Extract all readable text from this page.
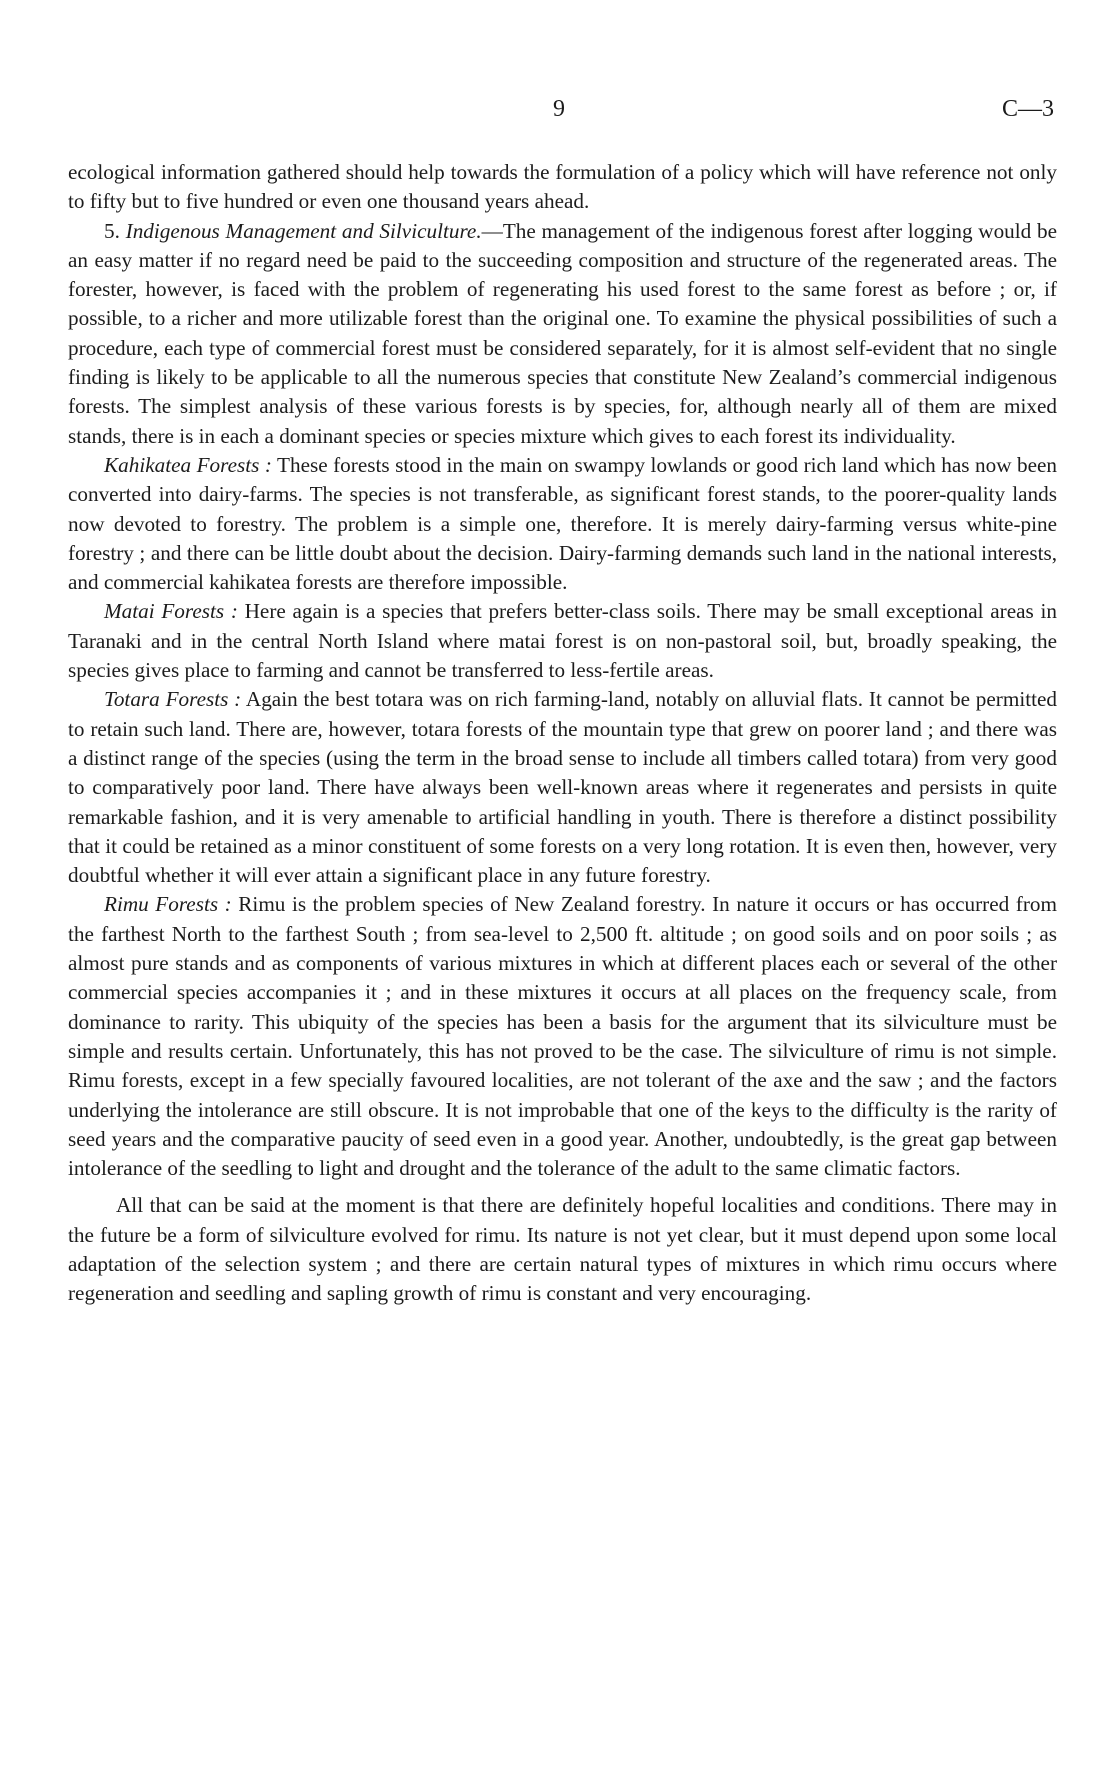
9	C—3

ecological information gathered should help towards the formulation of a policy which will have reference not only to fifty but to five hundred or even one thousand years ahead.

5. Indigenous Management and Silviculture.—The management of the indigenous forest after logging would be an easy matter if no regard need be paid to the succeeding composition and structure of the regenerated areas. The forester, however, is faced with the problem of regenerating his used forest to the same forest as before ; or, if possible, to a richer and more utilizable forest than the original one. To examine the physical possibilities of such a procedure, each type of commercial forest must be considered separately, for it is almost self-evident that no single finding is likely to be applicable to all the numerous species that constitute New Zealand’s commercial indigenous forests. The simplest analysis of these various forests is by species, for, although nearly all of them are mixed stands, there is in each a dominant species or species mixture which gives to each forest its individuality.

Kahikatea Forests : These forests stood in the main on swampy lowlands or good rich land which has now been converted into dairy-farms. The species is not transferable, as significant forest stands, to the poorer-quality lands now devoted to forestry. The problem is a simple one, therefore. It is merely dairy-farming versus white-pine forestry ; and there can be little doubt about the decision. Dairy-farming demands such land in the national interests, and commercial kahikatea forests are therefore impossible.

Matai Forests : Here again is a species that prefers better-class soils. There may be small exceptional areas in Taranaki and in the central North Island where matai forest is on non-pastoral soil, but, broadly speaking, the species gives place to farming and cannot be transferred to less-fertile areas.

Totara Forests : Again the best totara was on rich farming-land, notably on alluvial flats. It cannot be permitted to retain such land. There are, however, totara forests of the mountain type that grew on poorer land ; and there was a distinct range of the species (using the term in the broad sense to include all timbers called totara) from very good to comparatively poor land. There have always been well-known areas where it regenerates and persists in quite remarkable fashion, and it is very amenable to artificial handling in youth. There is therefore a distinct possibility that it could be retained as a minor constituent of some forests on a very long rotation. It is even then, however, very doubtful whether it will ever attain a significant place in any future forestry.

Rimu Forests : Rimu is the problem species of New Zealand forestry. In nature it occurs or has occurred from the farthest North to the farthest South ; from sea-level to 2,500 ft. altitude ; on good soils and on poor soils ; as almost pure stands and as components of various mixtures in which at different places each or several of the other commercial species accompanies it ; and in these mixtures it occurs at all places on the frequency scale, from dominance to rarity. This ubiquity of the species has been a basis for the argument that its silviculture must be simple and results certain. Unfortunately, this has not proved to be the case. The silviculture of rimu is not simple. Rimu forests, except in a few specially favoured localities, are not tolerant of the axe and the saw ; and the factors underlying the intolerance are still obscure. It is not improbable that one of the keys to the difficulty is the rarity of seed years and the comparative paucity of seed even in a good year. Another, undoubtedly, is the great gap between intolerance of the seedling to light and drought and the tolerance of the adult to the same climatic factors.

All that can be said at the moment is that there are definitely hopeful localities and conditions. There may in the future be a form of silviculture evolved for rimu. Its nature is not yet clear, but it must depend upon some local adaptation of the selection system ; and there are certain natural types of mixtures in which rimu occurs where regeneration and seedling and sapling growth of rimu is constant and very encouraging.
